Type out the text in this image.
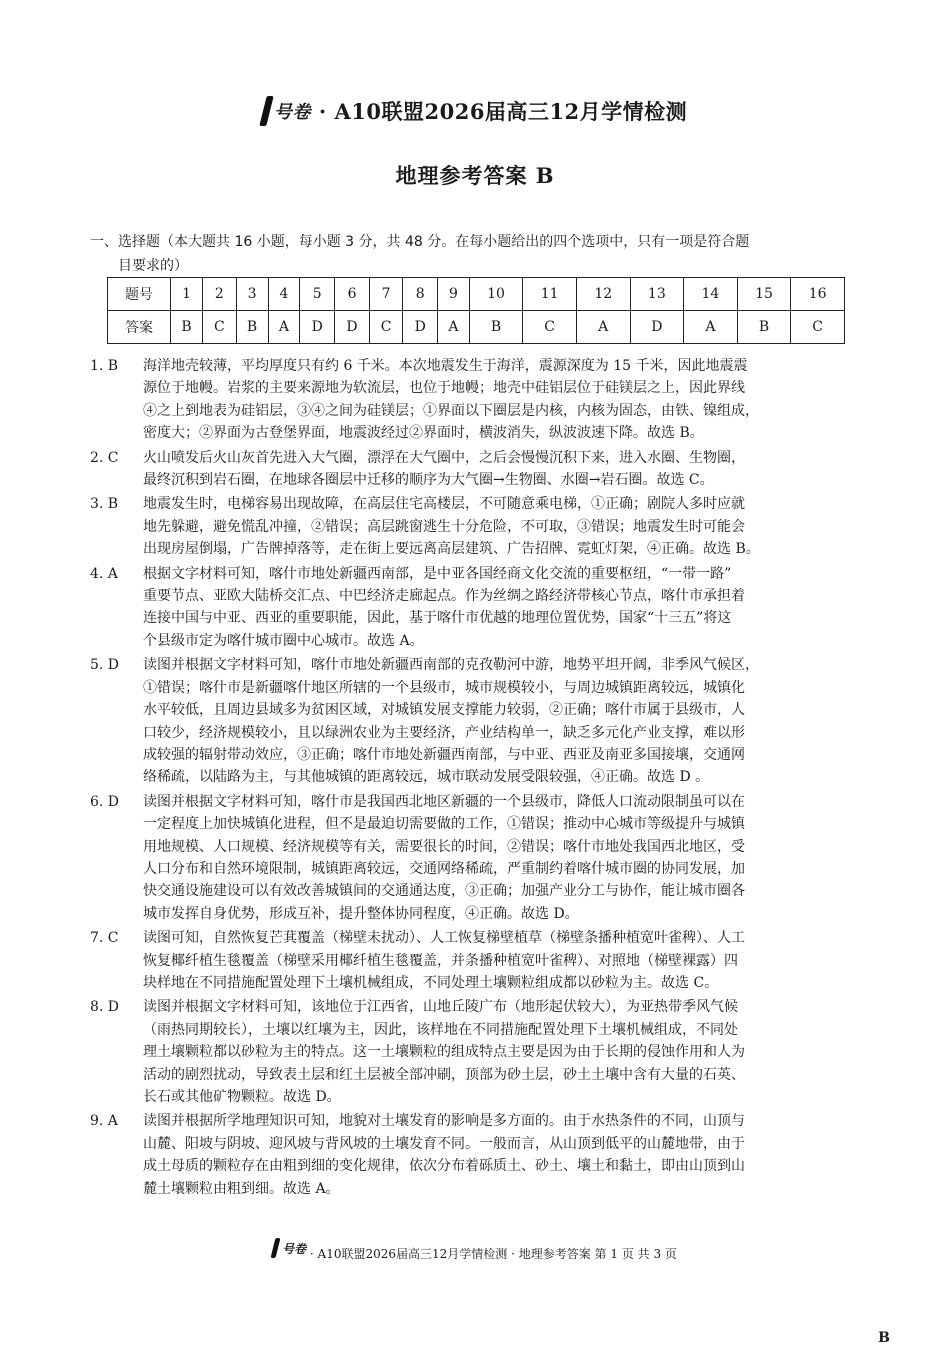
号卷 · A10联盟2026届高三12月学情检测
地理参考答案 B
一、选择题（本大题共 16 小题，每小题 3 分，共 48 分。在每小题给出的四个选项中，只有一项是符合题
目要求的）
题号	1	2	3	4	5	6	7	8	9	10	11	12	13	14	15	16
答案	B	C	B	A	D	D	C	D	A	B	C	A	D	A	B	C
1. B	海洋地壳较薄，平均厚度只有约 6 千米。本次地震发生于海洋，震源深度为 15 千米，因此地震震
源位于地幔。岩浆的主要来源地为软流层，也位于地幔；地壳中硅铝层位于硅镁层之上，因此界线
④之上到地表为硅铝层，③④之间为硅镁层；①界面以下圈层是内核，内核为固态，由铁、镍组成，
密度大；②界面为古登堡界面，地震波经过②界面时，横波消失，纵波波速下降。故选 B。
2. C	火山喷发后火山灰首先进入大气圈，漂浮在大气圈中，之后会慢慢沉积下来，进入水圈、生物圈，
最终沉积到岩石圈，在地球各圈层中迁移的顺序为大气圈→生物圈、水圈→岩石圈。故选 C。
3. B	地震发生时，电梯容易出现故障，在高层住宅高楼层，不可随意乘电梯，①正确；剧院人多时应就
地先躲避，避免慌乱冲撞，②错误；高层跳窗逃生十分危险，不可取，③错误；地震发生时可能会
出现房屋倒塌，广告牌掉落等，走在街上要远离高层建筑、广告招牌、霓虹灯架，④正确。故选 B。
4. A	根据文字材料可知，喀什市地处新疆西南部，是中亚各国经商文化交流的重要枢纽，“一带一路”
重要节点、亚欧大陆桥交汇点、中巴经济走廊起点。作为丝绸之路经济带核心节点，喀什市承担着
连接中国与中亚、西亚的重要职能，因此，基于喀什市优越的地理位置优势，国家“十三五”将这
个县级市定为喀什城市圈中心城市。故选 A。
5. D	读图并根据文字材料可知，喀什市地处新疆西南部的克孜勒河中游，地势平坦开阔，非季风气候区，
①错误；喀什市是新疆喀什地区所辖的一个县级市，城市规模较小，与周边城镇距离较远，城镇化
水平较低，且周边县域多为贫困区域，对城镇发展支撑能力较弱，②正确；喀什市属于县级市，人
口较少，经济规模较小，且以绿洲农业为主要经济，产业结构单一，缺乏多元化产业支撑，难以形
成较强的辐射带动效应，③正确；喀什市地处新疆西南部，与中亚、西亚及南亚多国接壤，交通网
络稀疏，以陆路为主，与其他城镇的距离较远，城市联动发展受限较强，④正确。故选 D 。
6. D	读图并根据文字材料可知，喀什市是我国西北地区新疆的一个县级市，降低人口流动限制虽可以在
一定程度上加快城镇化进程，但不是最迫切需要做的工作，①错误；推动中心城市等级提升与城镇
用地规模、人口规模、经济规模等有关，需要很长的时间，②错误；喀什市地处我国西北地区，受
人口分布和自然环境限制，城镇距离较远，交通网络稀疏，严重制约着喀什城市圈的协同发展，加
快交通设施建设可以有效改善城镇间的交通通达度，③正确；加强产业分工与协作，能让城市圈各
城市发挥自身优势，形成互补，提升整体协同程度，④正确。故选 D。
7. C	读图可知，自然恢复芒萁覆盖（梯壁未扰动）、人工恢复梯壁植草（梯壁条播种植宽叶雀稗）、人工
恢复椰纤植生毯覆盖（梯壁采用椰纤植生毯覆盖，并条播种植宽叶雀稗）、对照地（梯壁裸露）四
块样地在不同措施配置处理下土壤机械组成，不同处理土壤颗粒组成都以砂粒为主。故选 C。
8. D	读图并根据文字材料可知，该地位于江西省，山地丘陵广布（地形起伏较大），为亚热带季风气候
（雨热同期较长），土壤以红壤为主，因此，该样地在不同措施配置处理下土壤机械组成，不同处
理土壤颗粒都以砂粒为主的特点。这一土壤颗粒的组成特点主要是因为由于长期的侵蚀作用和人为
活动的剧烈扰动，导致表土层和红土层被全部冲刷，顶部为砂土层，砂土土壤中含有大量的石英、
长石或其他矿物颗粒。故选 D。
9. A	读图并根据所学地理知识可知，地貌对土壤发育的影响是多方面的。由于水热条件的不同，山顶与
山麓、阳坡与阴坡、迎风坡与背风坡的土壤发育不同。一般而言，从山顶到低平的山麓地带，由于
成土母质的颗粒存在由粗到细的变化规律，依次分布着砾质土、砂土、壤土和黏土，即由山顶到山
麓土壤颗粒由粗到细。故选 A。
号卷 · A10联盟2026届高三12月学情检测 · 地理参考答案 第 1 页 共 3 页
B
